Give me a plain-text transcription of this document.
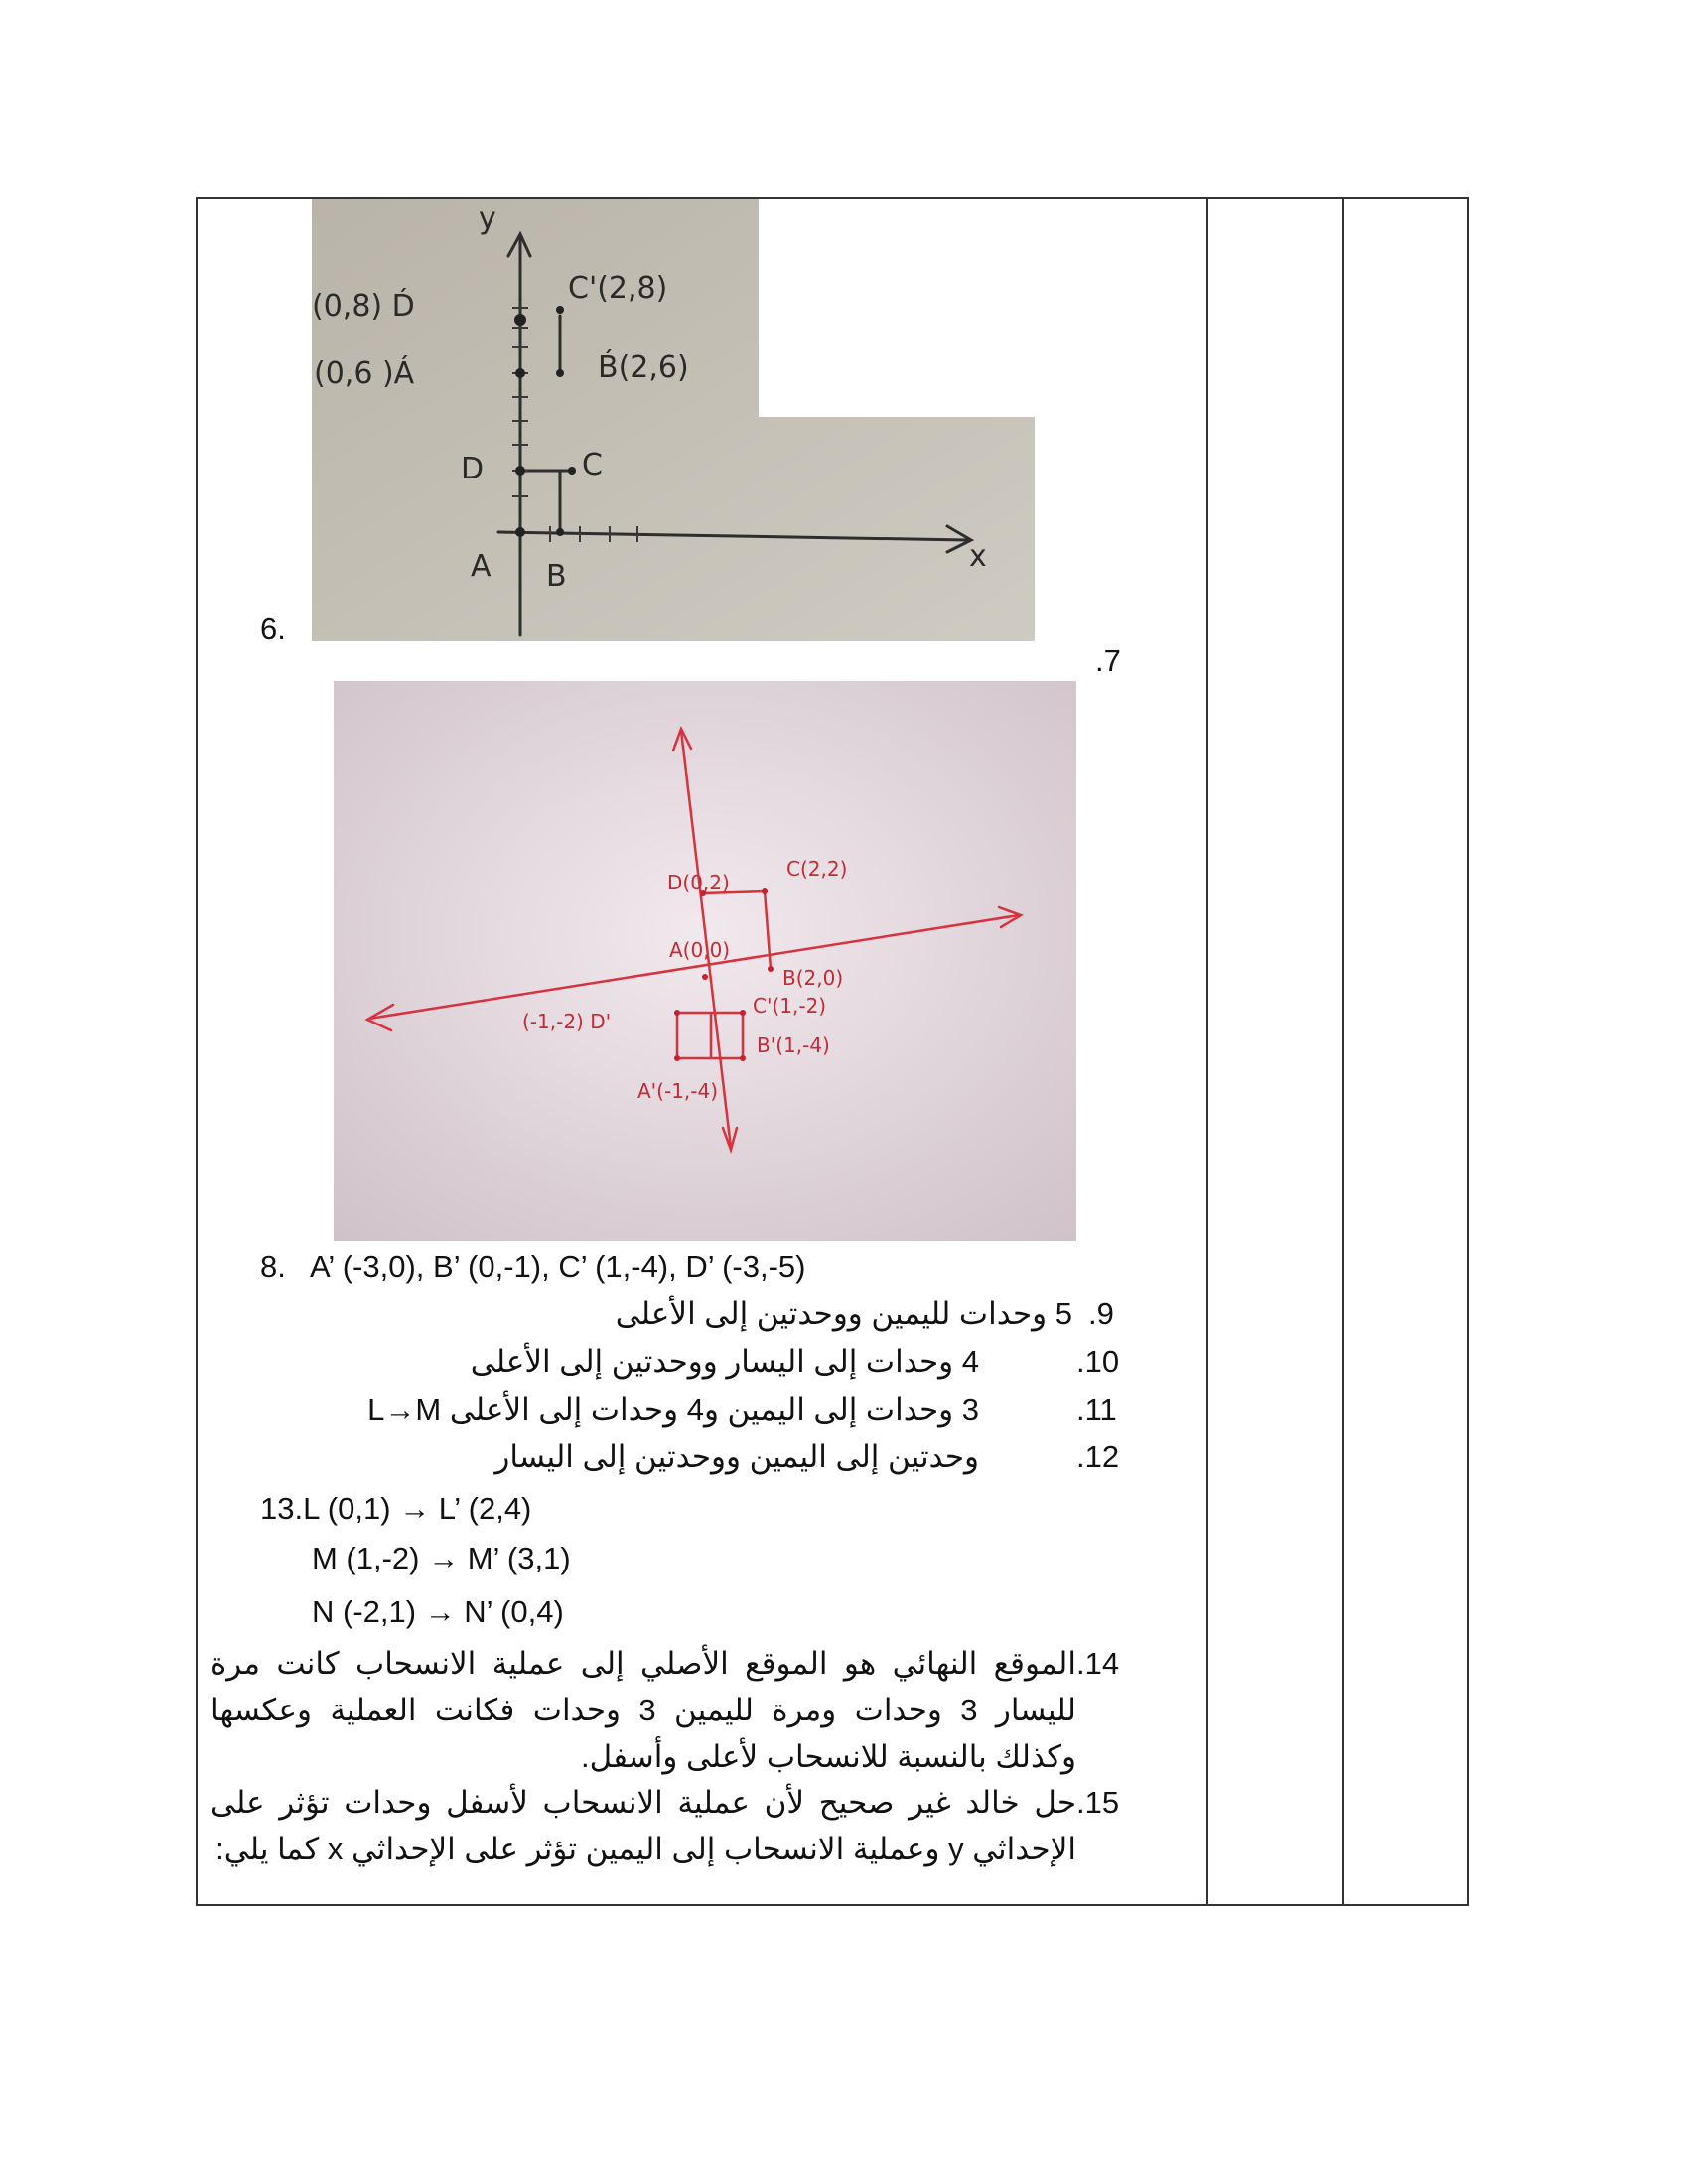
6.
y
x
(0,8) D́
C'(2,8)
(0,6 )Á	B́(2,6)
D	C
A B
.7
D(0,2)
C(2,2)
A(0,0)
B(2,0)
C'(1,-2)
(-1,-2) D'
B'(1,-4)
A'(-1,-4)
8. A’ (-3,0), B’ (0,-1), C’ (1,-4), D’ (-3,-5)
.9
5 وحدات لليمين ووحدتين إلى الأعلى
.10
4 وحدات إلى اليسار ووحدتين إلى الأعلى
.11
3 وحدات إلى اليمين و4 وحدات إلى الأعلى L→M
.12
وحدتين إلى اليمين ووحدتين إلى اليسار
13.L (0,1) → L’ (2,4)
M (1,-2) → M’ (3,1)
N (-2,1) → N’ (0,4)
.14
الموقع النهائي هو الموقع الأصلي إلى عملية الانسحاب كانت مرة لليسار 3 وحدات ومرة لليمين 3 وحدات فكانت العملية وعكسها وكذلك بالنسبة للانسحاب لأعلى وأسفل.
.15
حل خالد غير صحيح لأن عملية الانسحاب لأسفل وحدات تؤثر على الإحداثي y وعملية الانسحاب إلى اليمين تؤثر على الإحداثي x كما يلي:
